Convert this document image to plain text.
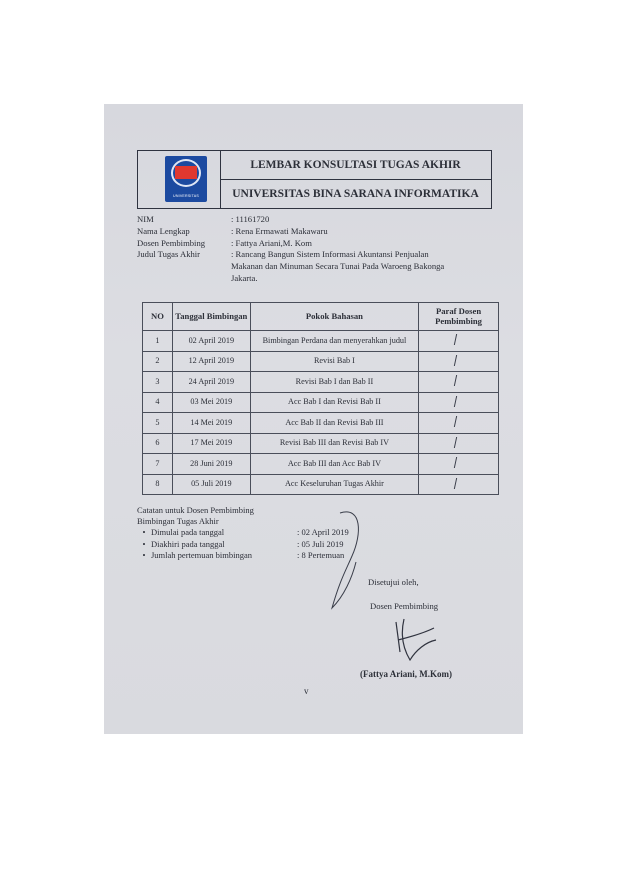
UNIVERSITAS
LEMBAR KONSULTASI TUGAS AKHIR
UNIVERSITAS BINA SARANA INFORMATIKA
NIM	: 11161720
Nama Lengkap	: Rena Ermawati Makawaru
Dosen Pembimbing	: Fattya Ariani,M. Kom
Judul Tugas Akhir	: Rancang Bangun Sistem Informasi Akuntansi Penjualan
Makanan dan Minuman Secara Tunai Pada Waroeng Bakonga
Jakarta.
NO	Tanggal Bimbingan	Pokok Bahasan	Paraf Dosen Pembimbing
1	02 April 2019	Bimbingan Perdana dan menyerahkan judul	
2	12 April 2019	Revisi Bab I	
3	24 April 2019	Revisi Bab I dan Bab II	
4	03 Mei 2019	Acc Bab I dan Revisi Bab II	
5	14 Mei 2019	Acc Bab II dan Revisi Bab III	
6	17 Mei 2019	Revisi Bab III dan Revisi Bab IV	
7	28 Juni 2019	Acc Bab III dan Acc Bab IV	
8	05 Juli 2019	Acc Keseluruhan Tugas Akhir	
Catatan untuk Dosen Pembimbing
Bimbingan Tugas Akhir
• Dimulai pada tanggal	: 02 April 2019
• Diakhiri pada tanggal	: 05 Juli 2019
• Jumlah pertemuan bimbingan	: 8 Pertemuan
Disetujui oleh,
Dosen Pembimbing
(Fattya Ariani, M.Kom)
v
